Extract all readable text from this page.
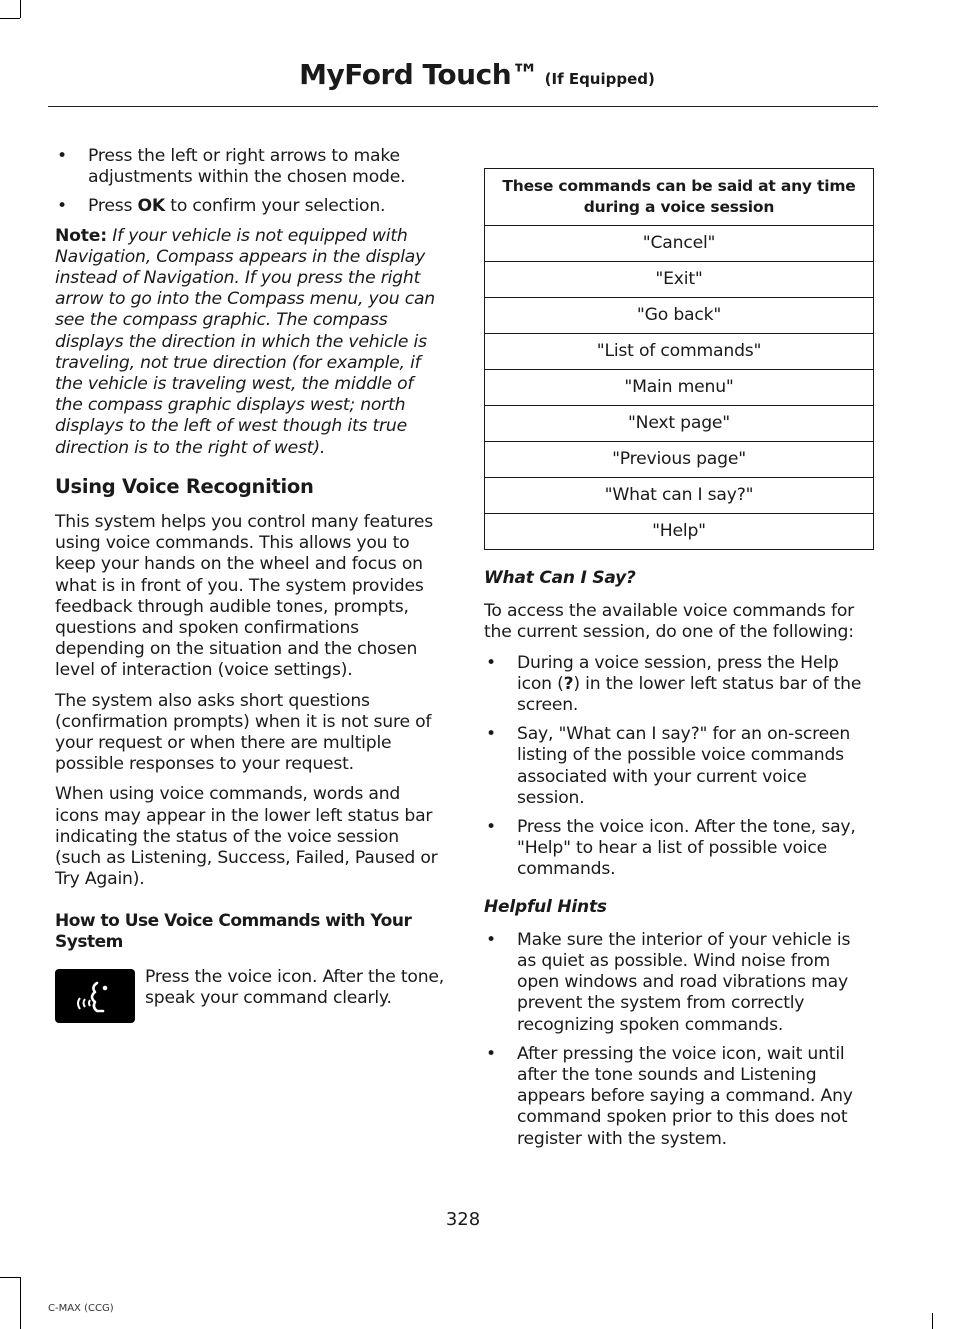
MyFord Touch™ (If Equipped)
• Press the left or right arrows to make adjustments within the chosen mode.
• Press OK to confirm your selection.

Note: If your vehicle is not equipped with Navigation, Compass appears in the display instead of Navigation. If you press the right arrow to go into the Compass menu, you can see the compass graphic. The compass displays the direction in which the vehicle is traveling, not true direction (for example, if the vehicle is traveling west, the middle of the compass graphic displays west; north displays to the left of west though its true direction is to the right of west).

Using Voice Recognition

This system helps you control many features using voice commands. This allows you to keep your hands on the wheel and focus on what is in front of you. The system provides feedback through audible tones, prompts, questions and spoken confirmations depending on the situation and the chosen level of interaction (voice settings).

The system also asks short questions (confirmation prompts) when it is not sure of your request or when there are multiple possible responses to your request.

When using voice commands, words and icons may appear in the lower left status bar indicating the status of the voice session (such as Listening, Success, Failed, Paused or Try Again).

How to Use Voice Commands with Your System
Press the voice icon. After the tone, speak your command clearly.
These commands can be said at any time during a voice session
"Cancel"
"Exit"
"Go back"
"List of commands"
"Main menu"
"Next page"
"Previous page"
"What can I say?"
"Help"
What Can I Say?

To access the available voice commands for the current session, do one of the following:

• During a voice session, press the Help icon (?) in the lower left status bar of the screen.
• Say, "What can I say?" for an on-screen listing of the possible voice commands associated with your current voice session.
• Press the voice icon. After the tone, say, "Help" to hear a list of possible voice commands.
Helpful Hints
• Make sure the interior of your vehicle is as quiet as possible. Wind noise from open windows and road vibrations may prevent the system from correctly recognizing spoken commands.
• After pressing the voice icon, wait until after the tone sounds and Listening appears before saying a command. Any command spoken prior to this does not register with the system.
328
C-MAX (CCG)
